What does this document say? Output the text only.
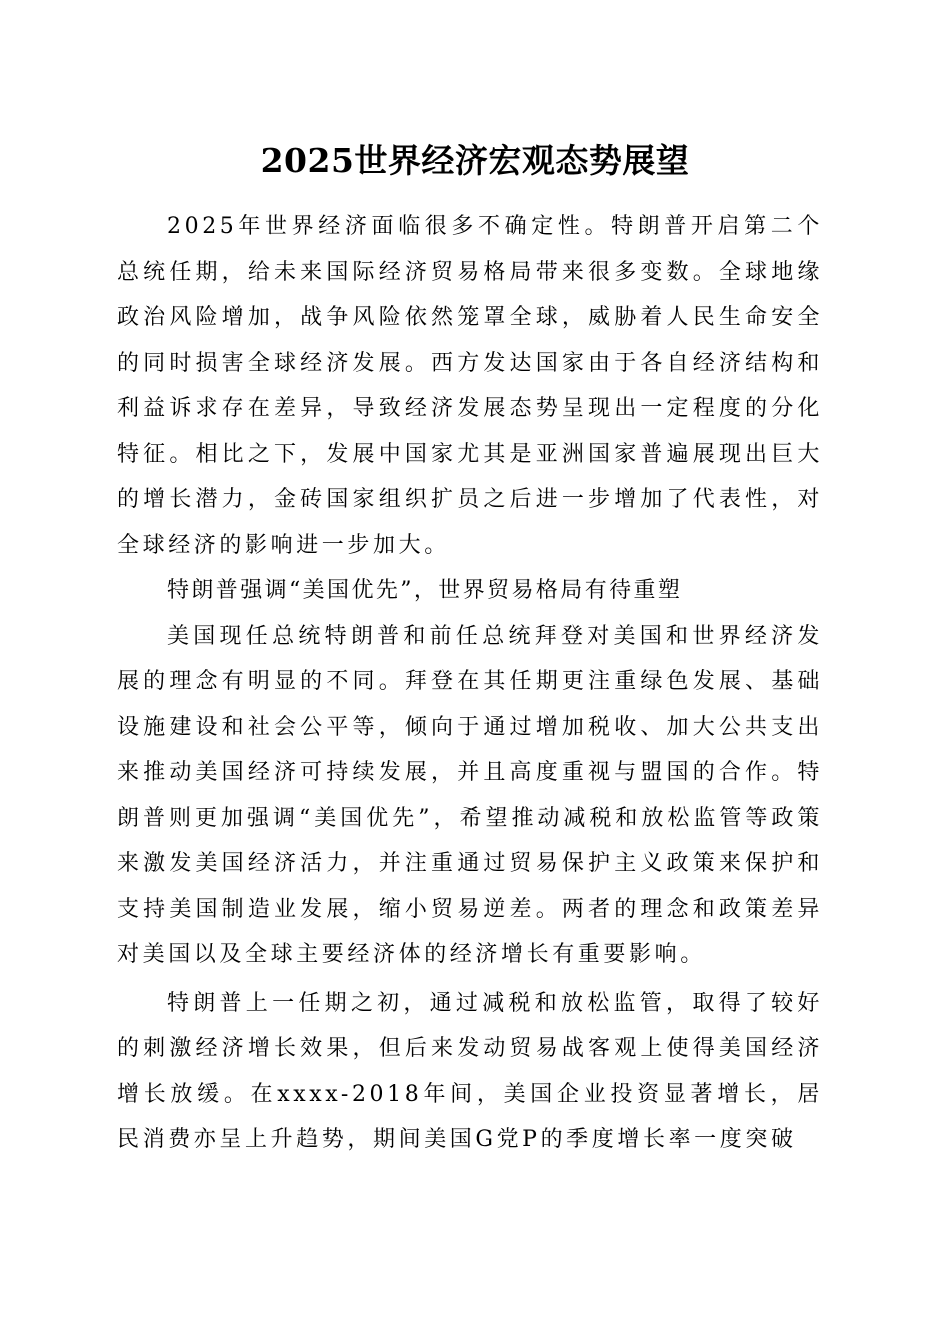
2025世界经济宏观态势展望

2025年世界经济面临很多不确定性。特朗普开启第二个总统任期，给未来国际经济贸易格局带来很多变数。全球地缘政治风险增加，战争风险依然笼罩全球，威胁着人民生命安全的同时损害全球经济发展。西方发达国家由于各自经济结构和利益诉求存在差异，导致经济发展态势呈现出一定程度的分化特征。相比之下，发展中国家尤其是亚洲国家普遍展现出巨大的增长潜力，金砖国家组织扩员之后进一步增加了代表性，对全球经济的影响进一步加大。

特朗普强调“美国优先”，世界贸易格局有待重塑

美国现任总统特朗普和前任总统拜登对美国和世界经济发展的理念有明显的不同。拜登在其任期更注重绿色发展、基础设施建设和社会公平等，倾向于通过增加税收、加大公共支出来推动美国经济可持续发展，并且高度重视与盟国的合作。特朗普则更加强调“美国优先”，希望推动减税和放松监管等政策来激发美国经济活力，并注重通过贸易保护主义政策来保护和支持美国制造业发展，缩小贸易逆差。两者的理念和政策差异对美国以及全球主要经济体的经济增长有重要影响。

特朗普上一任期之初，通过减税和放松监管，取得了较好的刺激经济增长效果，但后来发动贸易战客观上使得美国经济增长放缓。在xxxx-2018年间，美国企业投资显著增长，居民消费亦呈上升趋势，期间美国G党P的季度增长率一度突破
